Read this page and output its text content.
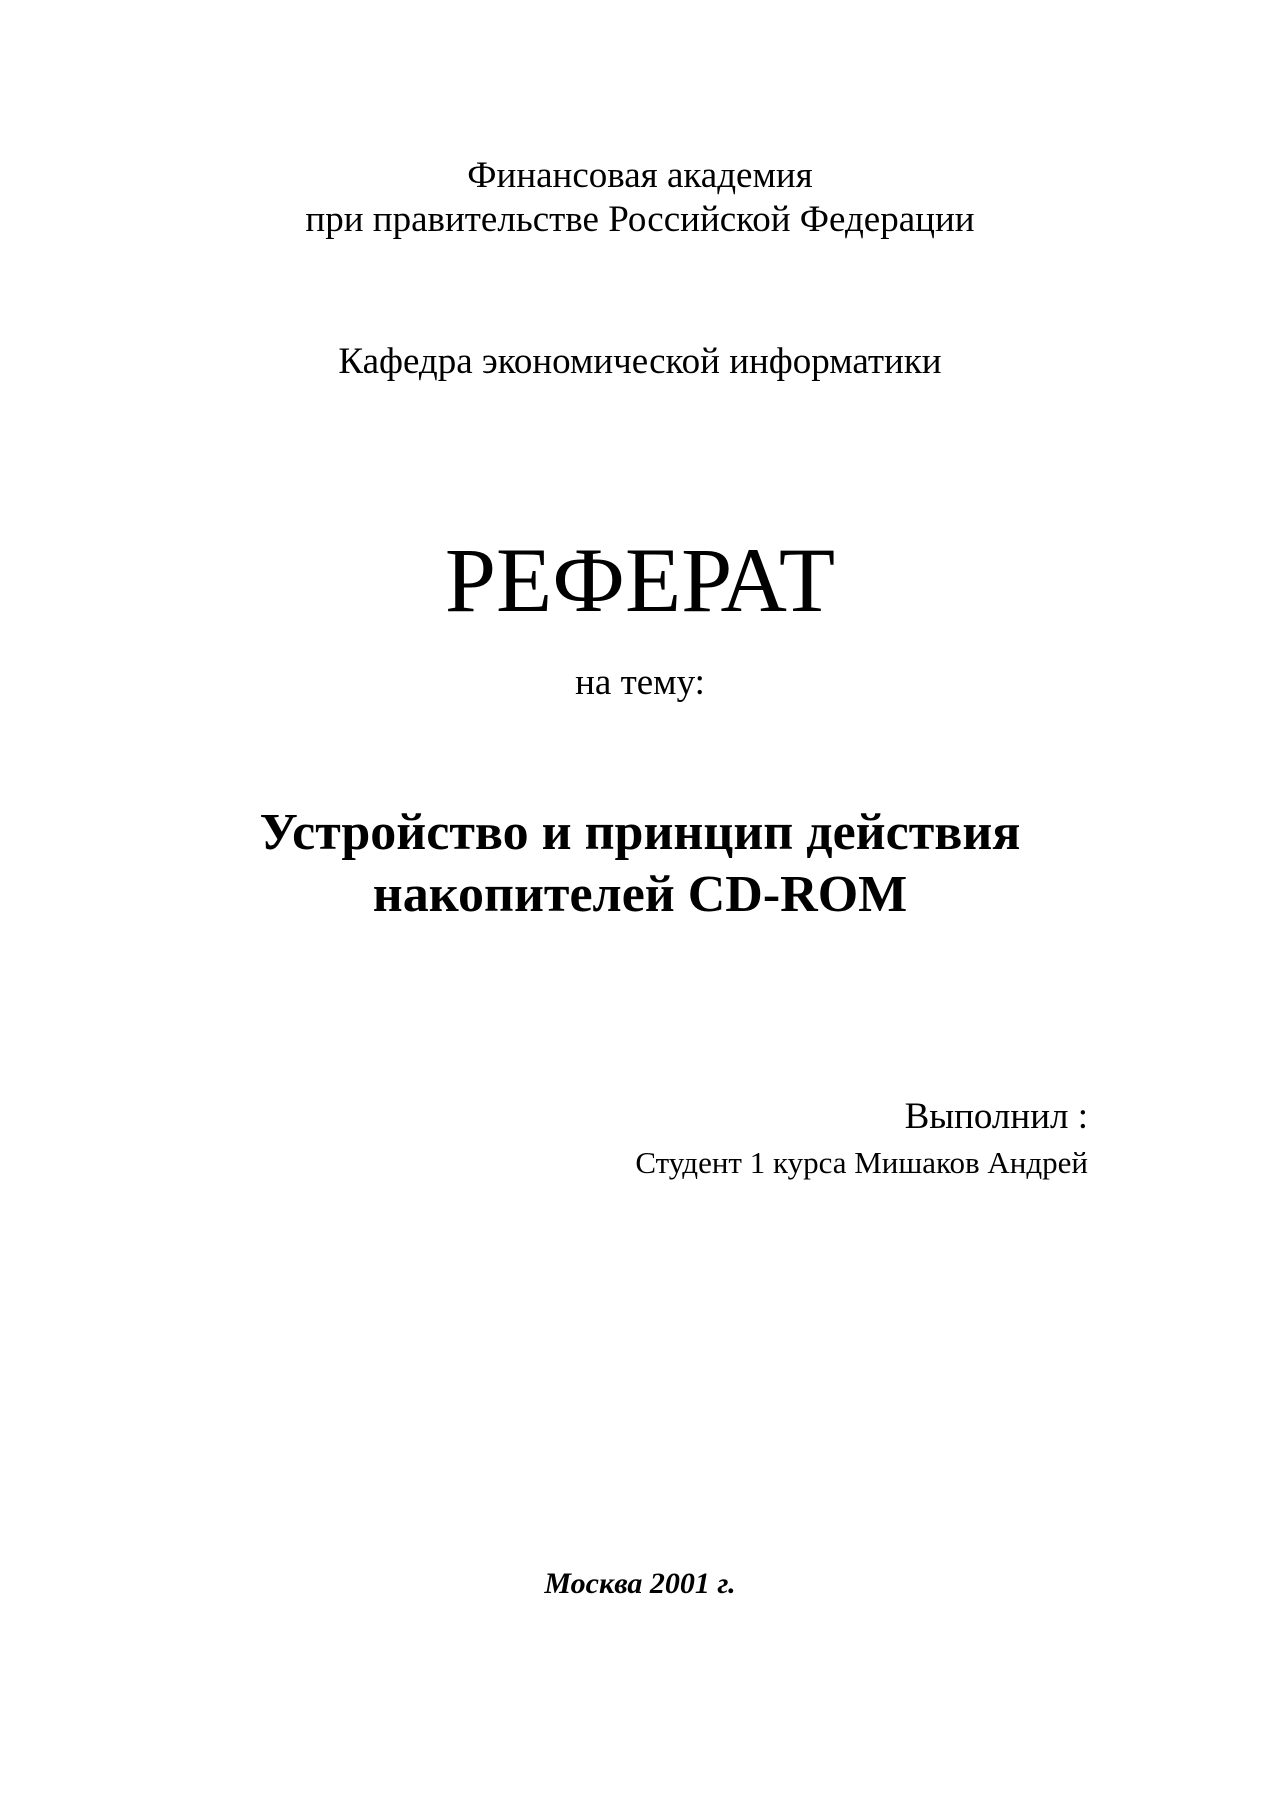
Финансовая академия
при правительстве Российской Федерации
Кафедра экономической информатики
РЕФЕРАТ
на тему:
Устройство и принцип действия
накопителей CD-ROM
Выполнил :
Студент 1 курса Мишаков Андрей
Москва 2001 г.
